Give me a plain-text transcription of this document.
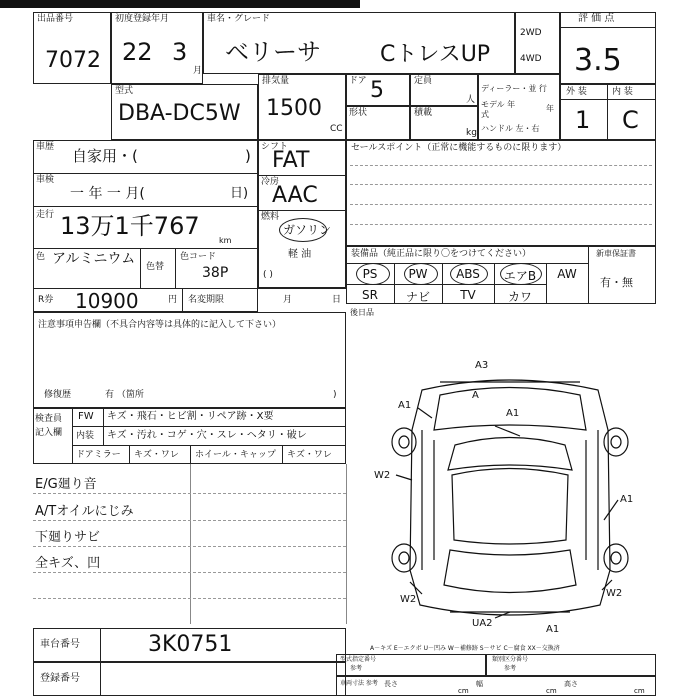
出品番号
7072
初度登録年月
22 3
月
車名・グレード
ベリーサ	CトレスUP
2WD
4WD
評 価 点
3.5
型式
DBA-DC5W
排気量
1500
CC
ドア 5
形状
定員
人
積載
kg
ディーラー・並 行
モデル 年式
年
ハンドル 左・右
外 装	内 装
1 C
車歴 自家用・(	)
車検
一 年 一 月(	日)
走行 13万1千767
km
色 アルミニウム 色替
色コード
38P
R券 10900	円 名変期限	月	日
シフト
FAT
冷房
AAC
燃料
ガソリン
軽 油
( )
セールスポイント（正常に機能するものに限ります）
装備品（純正品に限り〇をつけてください）	新車保証書
有・無
PS	PW	ABS	エアB	AW
SR	ナビ	TV	カワ
後日品
注意事項申告欄（不具合内容等は具体的に記入して下さい）
修復歴	有 （箇所	)
検査員
記入欄
FW キズ・飛石・ヒビ割・リペア跡・X要
内装 キズ・汚れ・コゲ・穴・スレ・ヘタリ・破レ
ドアミラー キズ・ワレ ホイール・キャップ キズ・ワレ
E/G廻り音
A/Tオイルにじみ
下廻りサビ
全キズ、凹
A3
A
A1
A1
W2
A1
W2
W2
UA2
A1
A－キズ E－エクボ U－凹み W－補修跡 S－サビ C－腐食 XX－交換済
車台番号	3K0751
登録番号
型式指定番号
参考
類別区分番号
参考
車両寸法 参考 長さ
cm
幅
cm
高さ
cm
